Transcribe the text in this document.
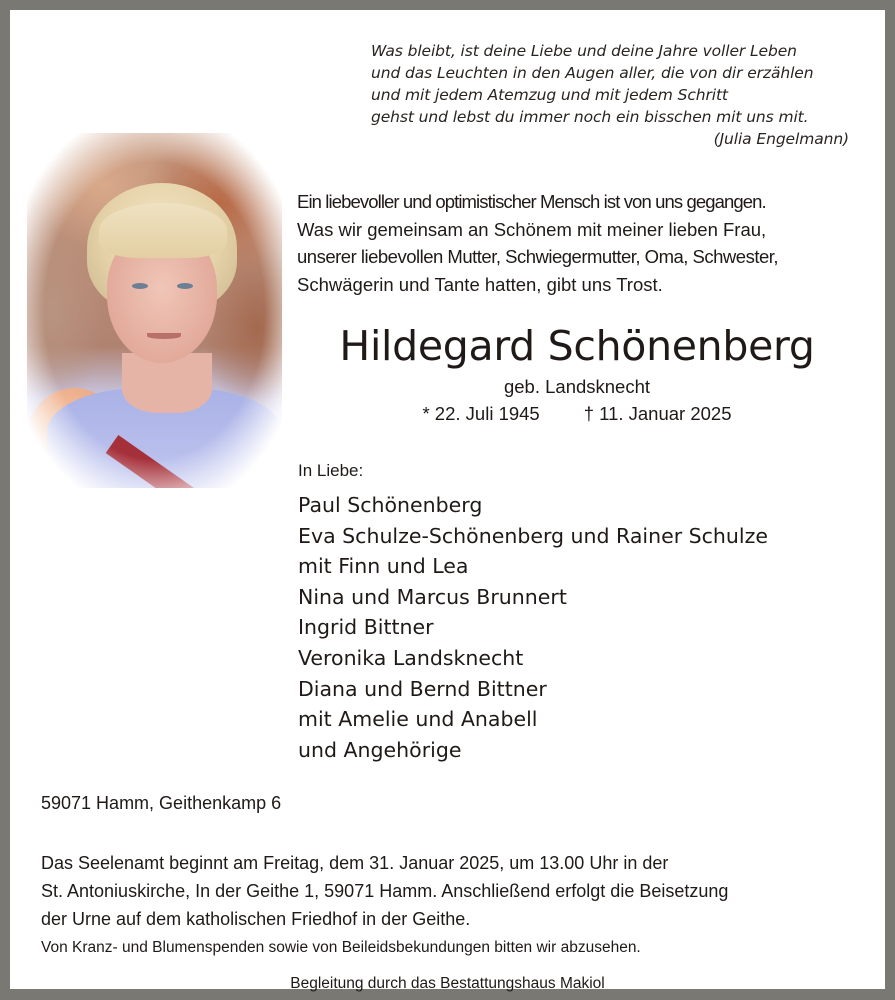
Was bleibt, ist deine Liebe und deine Jahre voller Leben
und das Leuchten in den Augen aller, die von dir erzählen
und mit jedem Atemzug und mit jedem Schritt
gehst und lebst du immer noch ein bisschen mit uns mit.
(Julia Engelmann)
Ein liebevoller und optimistischer Mensch ist von uns gegangen.
Was wir gemeinsam an Schönem mit meiner lieben Frau,
unserer liebevollen Mutter, Schwiegermutter, Oma, Schwester,
Schwägerin und Tante hatten, gibt uns Trost.
Hildegard Schönenberg
geb. Landsknecht
* 22. Juli 1945 † 11. Januar 2025
In Liebe:
Paul Schönenberg
Eva Schulze-Schönenberg und Rainer Schulze
mit Finn und Lea
Nina und Marcus Brunnert
Ingrid Bittner
Veronika Landsknecht
Diana und Bernd Bittner
mit Amelie und Anabell
und Angehörige
59071 Hamm, Geithenkamp 6
Das Seelenamt beginnt am Freitag, dem 31. Januar 2025, um 13.00 Uhr in der
St. Antoniuskirche, In der Geithe 1, 59071 Hamm. Anschließend erfolgt die Beisetzung
der Urne auf dem katholischen Friedhof in der Geithe.
Von Kranz- und Blumenspenden sowie von Beileidsbekundungen bitten wir abzusehen.
Begleitung durch das Bestattungshaus Makiol
